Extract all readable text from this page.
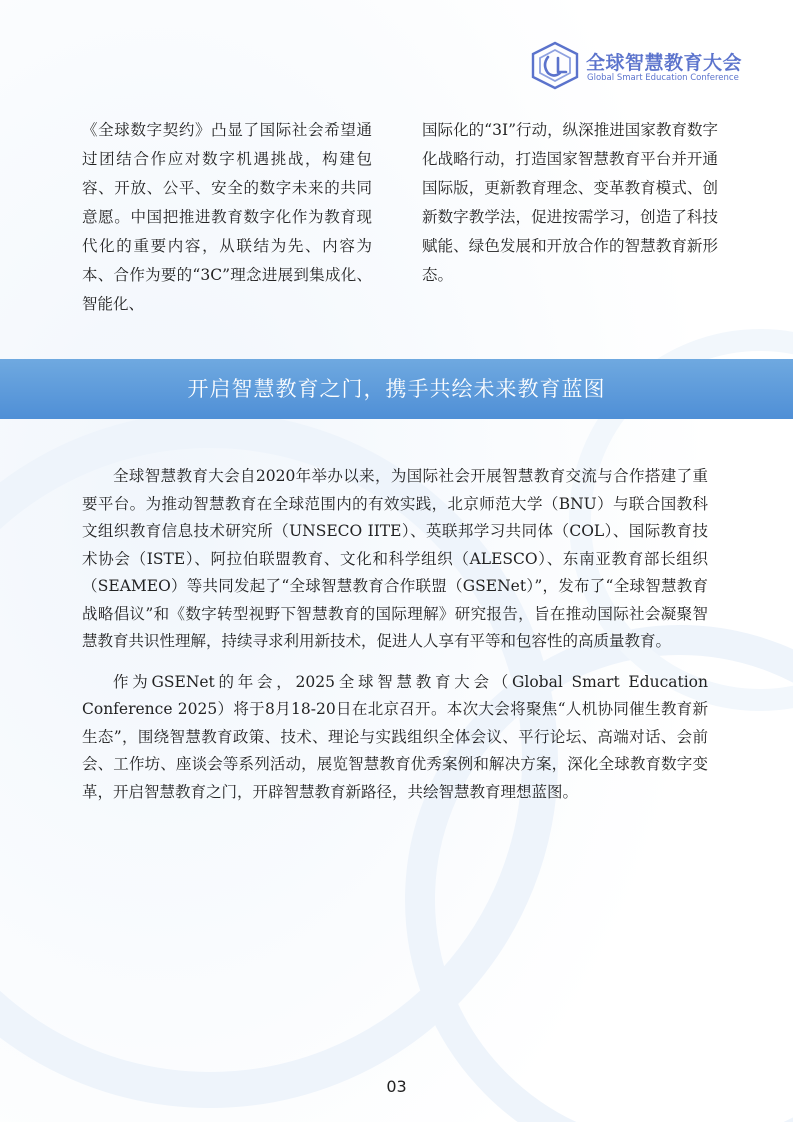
全球智慧教育大会
Global Smart Education Conference

《全球数字契约》凸显了国际社会希望通过团结合作应对数字机遇挑战，构建包容、开放、公平、安全的数字未来的共同意愿。中国把推进教育数字化作为教育现代化的重要内容，从联结为先、内容为本、合作为要的“3C”理念进展到集成化、智能化、

国际化的“3I”行动，纵深推进国家教育数字化战略行动，打造国家智慧教育平台并开通国际版，更新教育理念、变革教育模式、创新数字教学法，促进按需学习，创造了科技赋能、绿色发展和开放合作的智慧教育新形态。

开启智慧教育之门，携手共绘未来教育蓝图

全球智慧教育大会自2020年举办以来，为国际社会开展智慧教育交流与合作搭建了重要平台。为推动智慧教育在全球范围内的有效实践，北京师范大学（BNU）与联合国教科文组织教育信息技术研究所（UNSECO IITE）、英联邦学习共同体（COL）、国际教育技术协会（ISTE）、阿拉伯联盟教育、文化和科学组织（ALESCO）、东南亚教育部长组织（SEAMEO）等共同发起了“全球智慧教育合作联盟（GSENet）”，发布了“全球智慧教育战略倡议”和《数字转型视野下智慧教育的国际理解》研究报告，旨在推动国际社会凝聚智慧教育共识性理解，持续寻求利用新技术，促进人人享有平等和包容性的高质量教育。

作为GSENet的年会，2025全球智慧教育大会（Global Smart Education Conference 2025）将于8月18-20日在北京召开。本次大会将聚焦“人机协同催生教育新生态”，围绕智慧教育政策、技术、理论与实践组织全体会议、平行论坛、高端对话、会前会、工作坊、座谈会等系列活动，展览智慧教育优秀案例和解决方案，深化全球教育数字变革，开启智慧教育之门，开辟智慧教育新路径，共绘智慧教育理想蓝图。

03
